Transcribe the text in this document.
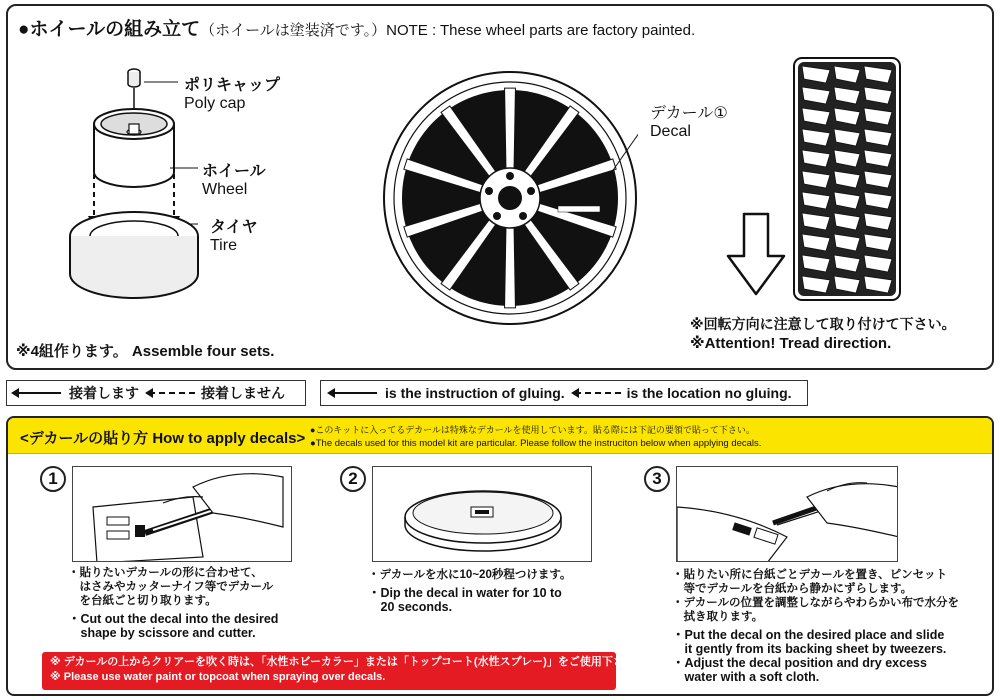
●ホイールの組み立て（ホイールは塗装済です。）NOTE : These wheel parts are factory painted.
ポリキャップ
Poly cap
ホイール
Wheel
タイヤ
Tire
デカール①
Decal
※4組作ります。 Assemble four sets.
※回転方向に注意して取り付けて下さい。
※Attention! Tread direction.
接着します	接着しません	is the instruction of gluing.	is the location no gluing.
<デカールの貼り方 How to apply decals> ●このキットに入ってるデカールは特殊なデカールを使用しています。貼る際には下記の要領で貼って下さい。
●The decals used for this model kit are particular. Please follow the instruciton below when applying decals.
1
・貼りたいデカールの形に合わせて、
　はさみやカッターナイフ等でデカール
　を台紙ごと切り取ります。
・Cut out the decal into the desired
　shape by scissore and cutter.
2
・デカールを水に10~20秒程つけます。
・Dip the decal in water for 10 to
　20 seconds.
3
・貼りたい所に台紙ごとデカールを置き、ピンセット
　等でデカールを台紙から静かにずらします。
・デカールの位置を調整しながらやわらかい布で水分を
　拭き取ります。
・Put the decal on the desired place and slide
　it gently from its backing sheet by tweezers.
・Adjust the decal position and dry excess
　water with a soft cloth.
※ デカールの上からクリアーを吹く時は、「水性ホビーカラー」または「トップコート(水性スプレー)」をご使用下さい。
※ Please use water paint or topcoat when spraying over decals.
